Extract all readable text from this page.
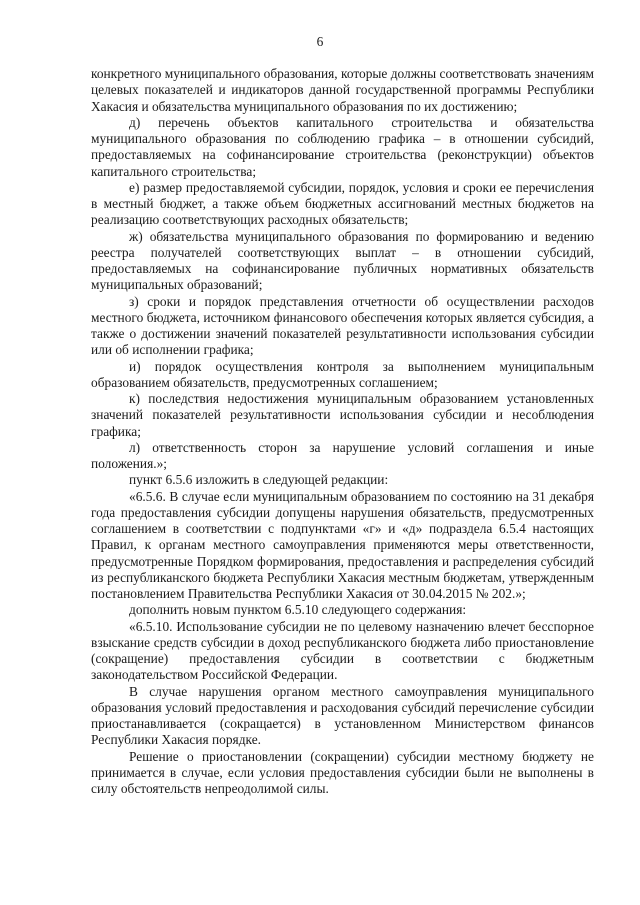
6

конкретного муниципального образования, которые должны соответствовать значениям целевых показателей и индикаторов данной государственной программы Республики Хакасия и обязательства муниципального образования по их достижению;

д) перечень объектов капитального строительства и обязательства муниципального образования по соблюдению графика – в отношении субсидий, предоставляемых на софинансирование строительства (реконструкции) объектов капитального строительства;

е) размер предоставляемой субсидии, порядок, условия и сроки ее перечисления в местный бюджет, а также объем бюджетных ассигнований местных бюджетов на реализацию соответствующих расходных обязательств;

ж) обязательства муниципального образования по формированию и ведению реестра получателей соответствующих выплат – в отношении субсидий, предоставляемых на софинансирование публичных нормативных обязательств муниципальных образований;

з) сроки и порядок представления отчетности об осуществлении расходов местного бюджета, источником финансового обеспечения которых является субсидия, а также о достижении значений показателей результативности использования субсидии или об исполнении графика;

и) порядок осуществления контроля за выполнением муниципальным образованием обязательств, предусмотренных соглашением;

к) последствия недостижения муниципальным образованием установленных значений показателей результативности использования субсидии и несоблюдения графика;

л) ответственность сторон за нарушение условий соглашения и иные положения.»;

пункт 6.5.6 изложить в следующей редакции:

«6.5.6. В случае если муниципальным образованием по состоянию на 31 декабря года предоставления субсидии допущены нарушения обязательств, предусмотренных соглашением в соответствии с подпунктами «г» и «д» подраздела 6.5.4 настоящих Правил, к органам местного самоуправления применяются меры ответственности, предусмотренные Порядком формирования, предоставления и распределения субсидий из республиканского бюджета Республики Хакасия местным бюджетам, утвержденным постановлением Правительства Республики Хакасия от 30.04.2015 № 202.»;

дополнить новым пунктом 6.5.10 следующего содержания:

«6.5.10. Использование субсидии не по целевому назначению влечет бесспорное взыскание средств субсидии в доход республиканского бюджета либо приостановление (сокращение) предоставления субсидии в соответствии с бюджетным законодательством Российской Федерации.

В случае нарушения органом местного самоуправления муниципального образования условий предоставления и расходования субсидий перечисление субсидии приостанавливается (сокращается) в установленном Министерством финансов Республики Хакасия порядке.

Решение о приостановлении (сокращении) субсидии местному бюджету не принимается в случае, если условия предоставления субсидии были не выполнены в силу обстоятельств непреодолимой силы.
